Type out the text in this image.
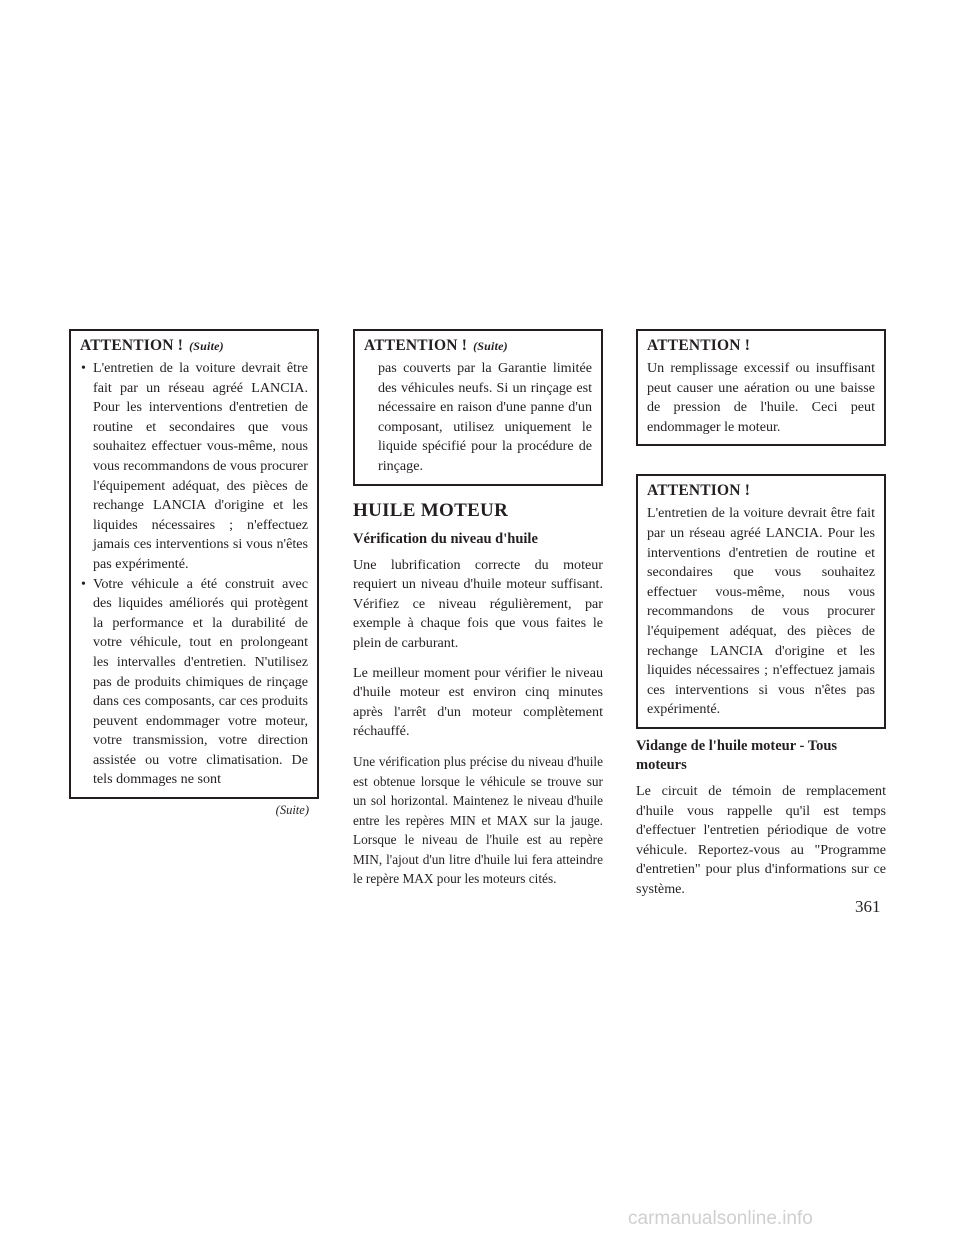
ATTENTION ! (Suite)

• L'entretien de la voiture devrait être fait par un réseau agréé LANCIA. Pour les interventions d'entretien de routine et secondaires que vous souhaitez effectuer vous-même, nous vous recommandons de vous procurer l'équipement adéquat, des pièces de rechange LANCIA d'origine et les liquides nécessaires ; n'effectuez jamais ces interventions si vous n'êtes pas expérimenté.

• Votre véhicule a été construit avec des liquides améliorés qui protègent la performance et la durabilité de votre véhicule, tout en prolongeant les intervalles d'entretien. N'utilisez pas de produits chimiques de rinçage dans ces composants, car ces produits peuvent endommager votre moteur, votre transmission, votre direction assistée ou votre climatisation. De tels dommages ne sont

(Suite)
ATTENTION ! (Suite)

pas couverts par la Garantie limitée des véhicules neufs. Si un rinçage est nécessaire en raison d'une panne d'un composant, utilisez uniquement le liquide spécifié pour la procédure de rinçage.

HUILE MOTEUR
Vérification du niveau d'huile

Une lubrification correcte du moteur requiert un niveau d'huile moteur suffisant. Vérifiez ce niveau régulièrement, par exemple à chaque fois que vous faites le plein de carburant.

Le meilleur moment pour vérifier le niveau d'huile moteur est environ cinq minutes après l'arrêt d'un moteur complètement réchauffé.

Une vérification plus précise du niveau d'huile est obtenue lorsque le véhicule se trouve sur un sol horizontal. Maintenez le niveau d'huile entre les repères MIN et MAX sur la jauge. Lorsque le niveau de l'huile est au repère MIN, l'ajout d'un litre d'huile lui fera atteindre le repère MAX pour les moteurs cités.

ATTENTION !

Un remplissage excessif ou insuffisant peut causer une aération ou une baisse de pression de l'huile. Ceci peut endommager le moteur.

ATTENTION !

L'entretien de la voiture devrait être fait par un réseau agréé LANCIA. Pour les interventions d'entretien de routine et secondaires que vous souhaitez effectuer vous-même, nous vous recommandons de vous procurer l'équipement adéquat, des pièces de rechange LANCIA d'origine et les liquides nécessaires ; n'effectuez jamais ces interventions si vous n'êtes pas expérimenté.

Vidange de l'huile moteur - Tous moteurs

Le circuit de témoin de remplacement d'huile vous rappelle qu'il est temps d'effectuer l'entretien périodique de votre véhicule. Reportez-vous au "Programme d'entretien" pour plus d'informations sur ce système.

361
carmanualsonline.info
